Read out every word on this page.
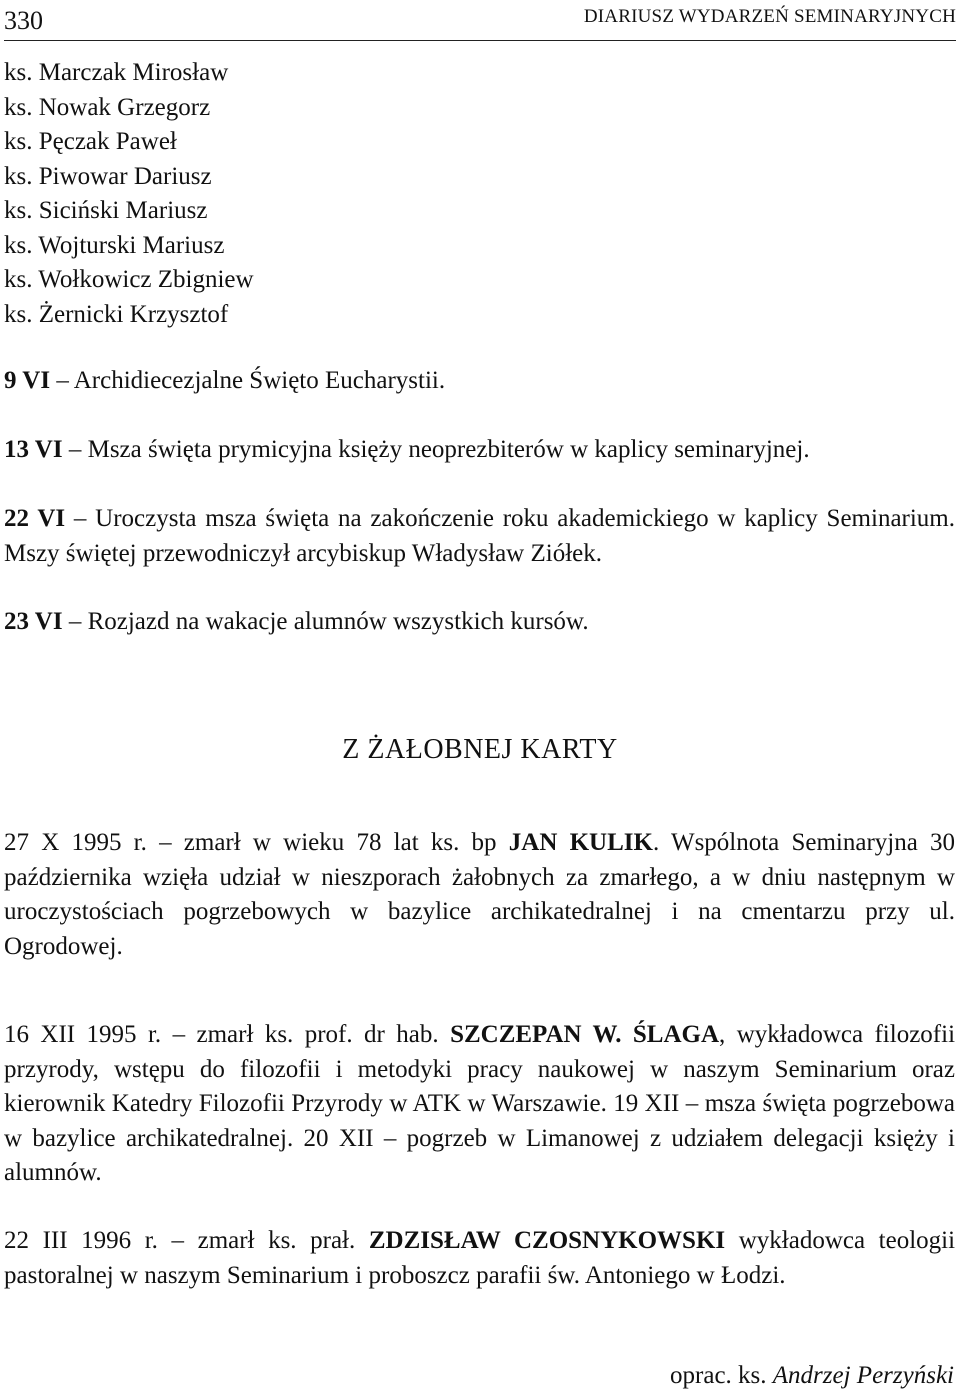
330	DIARIUSZ WYDARZEŃ SEMINARYJNYCH
ks. Marczak Mirosław
ks. Nowak Grzegorz
ks. Pęczak Paweł
ks. Piwowar Dariusz
ks. Siciński Mariusz
ks. Wojturski Mariusz
ks. Wołkowicz Zbigniew
ks. Żernicki Krzysztof

9 VI – Archidiecezjalne Święto Eucharystii.

13 VI – Msza święta prymicyjna księży neoprezbiterów w kaplicy seminaryjnej.

22 VI – Uroczysta msza święta na zakończenie roku akademickiego w kaplicy Seminarium. Mszy świętej przewodniczył arcybiskup Władysław Ziółek.

23 VI – Rozjazd na wakacje alumnów wszystkich kursów.

Z ŻAŁOBNEJ KARTY

27 X 1995 r. – zmarł w wieku 78 lat ks. bp JAN KULIK. Wspólnota Seminaryjna 30 października wzięła udział w nieszporach żałobnych za zmarłego, a w dniu następnym w uroczystościach pogrzebowych w bazylice archikatedralnej i na cmentarzu przy ul. Ogrodowej.

16 XII 1995 r. – zmarł ks. prof. dr hab. SZCZEPAN W. ŚLAGA, wykładowca filozofii przyrody, wstępu do filozofii i metodyki pracy naukowej w naszym Seminarium oraz kierownik Katedry Filozofii Przyrody w ATK w Warszawie. 19 XII – msza święta pogrzebowa w bazylice archikatedralnej. 20 XII – pogrzeb w Limanowej z udziałem delegacji księży i alumnów.

22 III 1996 r. – zmarł ks. prał. ZDZISŁAW CZOSNYKOWSKI wykładowca teologii pastoralnej w naszym Seminarium i proboszcz parafii św. Antoniego w Łodzi.

oprac. ks. Andrzej Perzyński
